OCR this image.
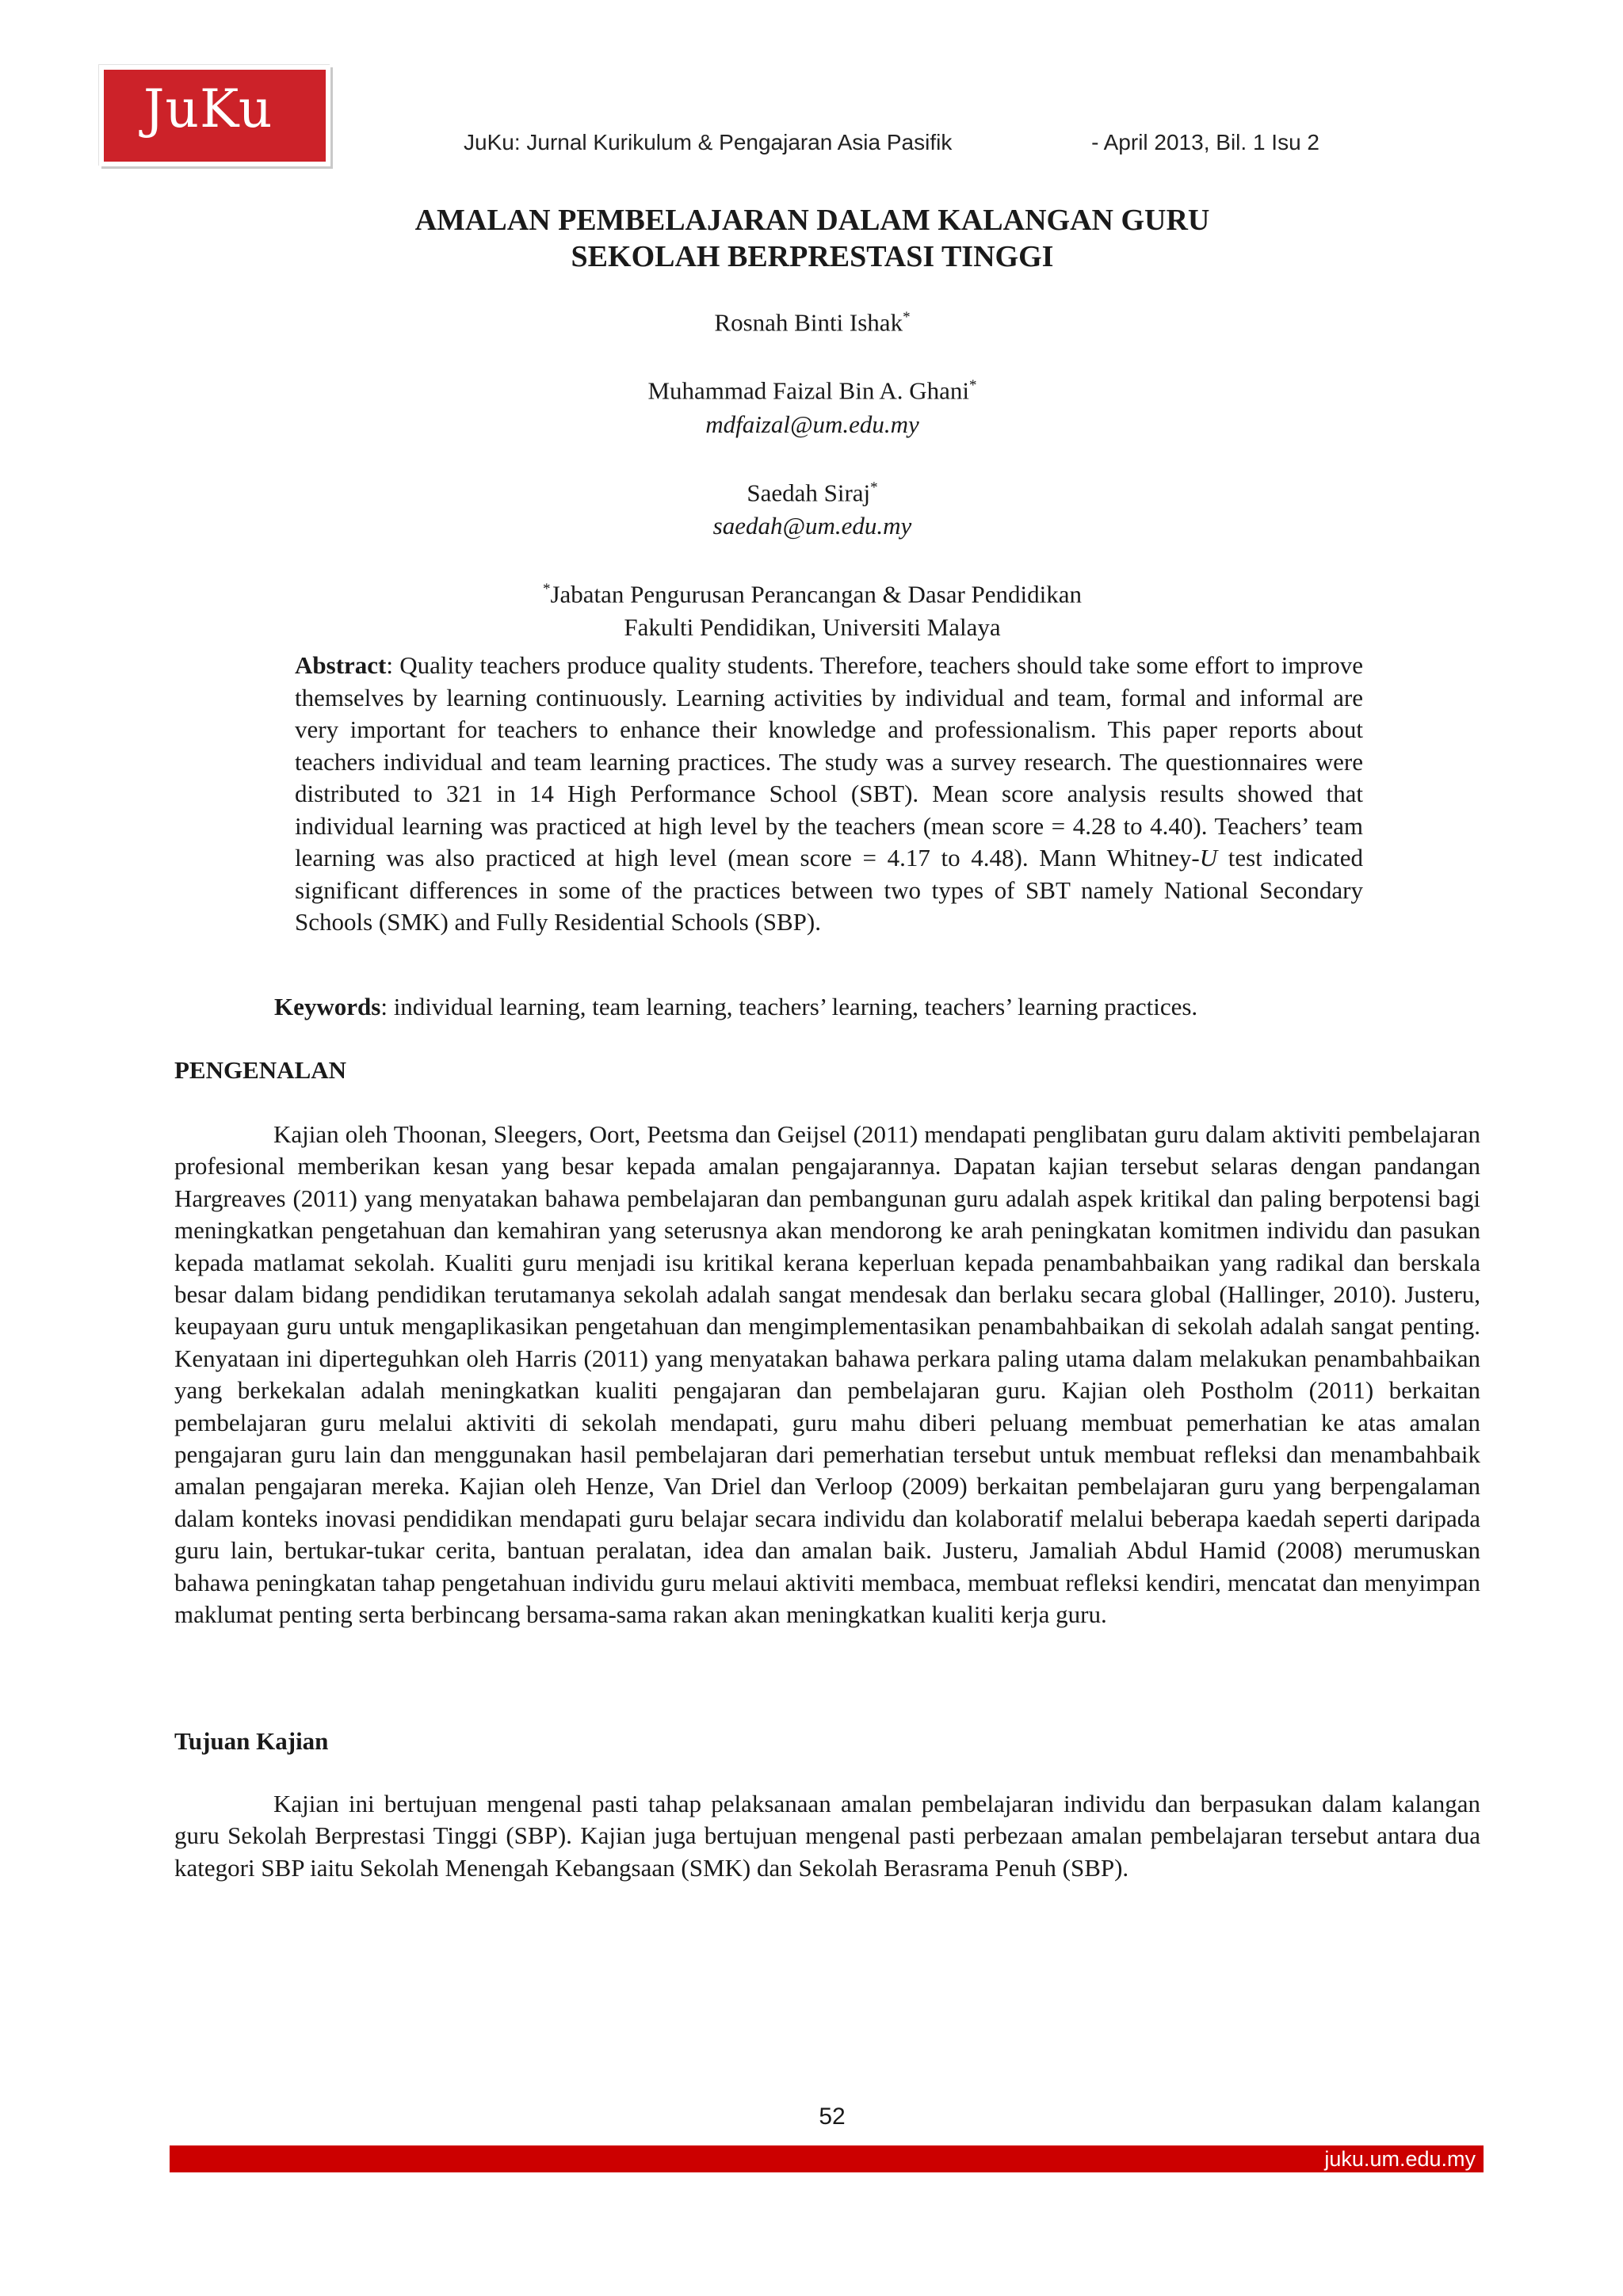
JuKu
JuKu: Jurnal Kurikulum & Pengajaran Asia Pasifik	- April 2013, Bil. 1 Isu 2
AMALAN PEMBELAJARAN DALAM KALANGAN GURU
SEKOLAH BERPRESTASI TINGGI
Rosnah Binti Ishak*
Muhammad Faizal Bin A. Ghani*
mdfaizal@um.edu.my
Saedah Siraj*
saedah@um.edu.my
*Jabatan Pengurusan Perancangan & Dasar Pendidikan
Fakulti Pendidikan, Universiti Malaya

Abstract: Quality teachers produce quality students. Therefore, teachers should take some effort to improve themselves by learning continuously. Learning activities by individual and team, formal and informal are very important for teachers to enhance their knowledge and professionalism. This paper reports about teachers individual and team learning practices. The study was a survey research. The questionnaires were distributed to 321 in 14 High Performance School (SBT). Mean score analysis results showed that individual learning was practiced at high level by the teachers (mean score = 4.28 to 4.40). Teachers’ team learning was also practiced at high level (mean score = 4.17 to 4.48). Mann Whitney-U test indicated significant differences in some of the practices between two types of SBT namely National Secondary Schools (SMK) and Fully Residential Schools (SBP).

Keywords: individual learning, team learning, teachers’ learning, teachers’ learning practices.

PENGENALAN

Kajian oleh Thoonan, Sleegers, Oort, Peetsma dan Geijsel (2011) mendapati penglibatan guru dalam aktiviti pembelajaran profesional memberikan kesan yang besar kepada amalan pengajarannya. Dapatan kajian tersebut selaras dengan pandangan Hargreaves (2011) yang menyatakan bahawa pembelajaran dan pembangunan guru adalah aspek kritikal dan paling berpotensi bagi meningkatkan pengetahuan dan kemahiran yang seterusnya akan mendorong ke arah peningkatan komitmen individu dan pasukan kepada matlamat sekolah. Kualiti guru menjadi isu kritikal kerana keperluan kepada penambahbaikan yang radikal dan berskala besar dalam bidang pendidikan terutamanya sekolah adalah sangat mendesak dan berlaku secara global (Hallinger, 2010). Justeru, keupayaan guru untuk mengaplikasikan pengetahuan dan mengimplementasikan penambahbaikan di sekolah adalah sangat penting. Kenyataan ini diperteguhkan oleh Harris (2011) yang menyatakan bahawa perkara paling utama dalam melakukan penambahbaikan yang berkekalan adalah meningkatkan kualiti pengajaran dan pembelajaran guru. Kajian oleh Postholm (2011) berkaitan pembelajaran guru melalui aktiviti di sekolah mendapati, guru mahu diberi peluang membuat pemerhatian ke atas amalan pengajaran guru lain dan menggunakan hasil pembelajaran dari pemerhatian tersebut untuk membuat refleksi dan menambahbaik amalan pengajaran mereka. Kajian oleh Henze, Van Driel dan Verloop (2009) berkaitan pembelajaran guru yang berpengalaman dalam konteks inovasi pendidikan mendapati guru belajar secara individu dan kolaboratif melalui beberapa kaedah seperti daripada guru lain, bertukar-tukar cerita, bantuan peralatan, idea dan amalan baik. Justeru, Jamaliah Abdul Hamid (2008) merumuskan bahawa peningkatan tahap pengetahuan individu guru melaui aktiviti membaca, membuat refleksi kendiri, mencatat dan menyimpan maklumat penting serta berbincang bersama-sama rakan akan meningkatkan kualiti kerja guru.

Tujuan Kajian

Kajian ini bertujuan mengenal pasti tahap pelaksanaan amalan pembelajaran individu dan berpasukan dalam kalangan guru Sekolah Berprestasi Tinggi (SBP). Kajian juga bertujuan mengenal pasti perbezaan amalan pembelajaran tersebut antara dua kategori SBP iaitu Sekolah Menengah Kebangsaan (SMK) dan Sekolah Berasrama Penuh (SBP).

52
juku.um.edu.my
